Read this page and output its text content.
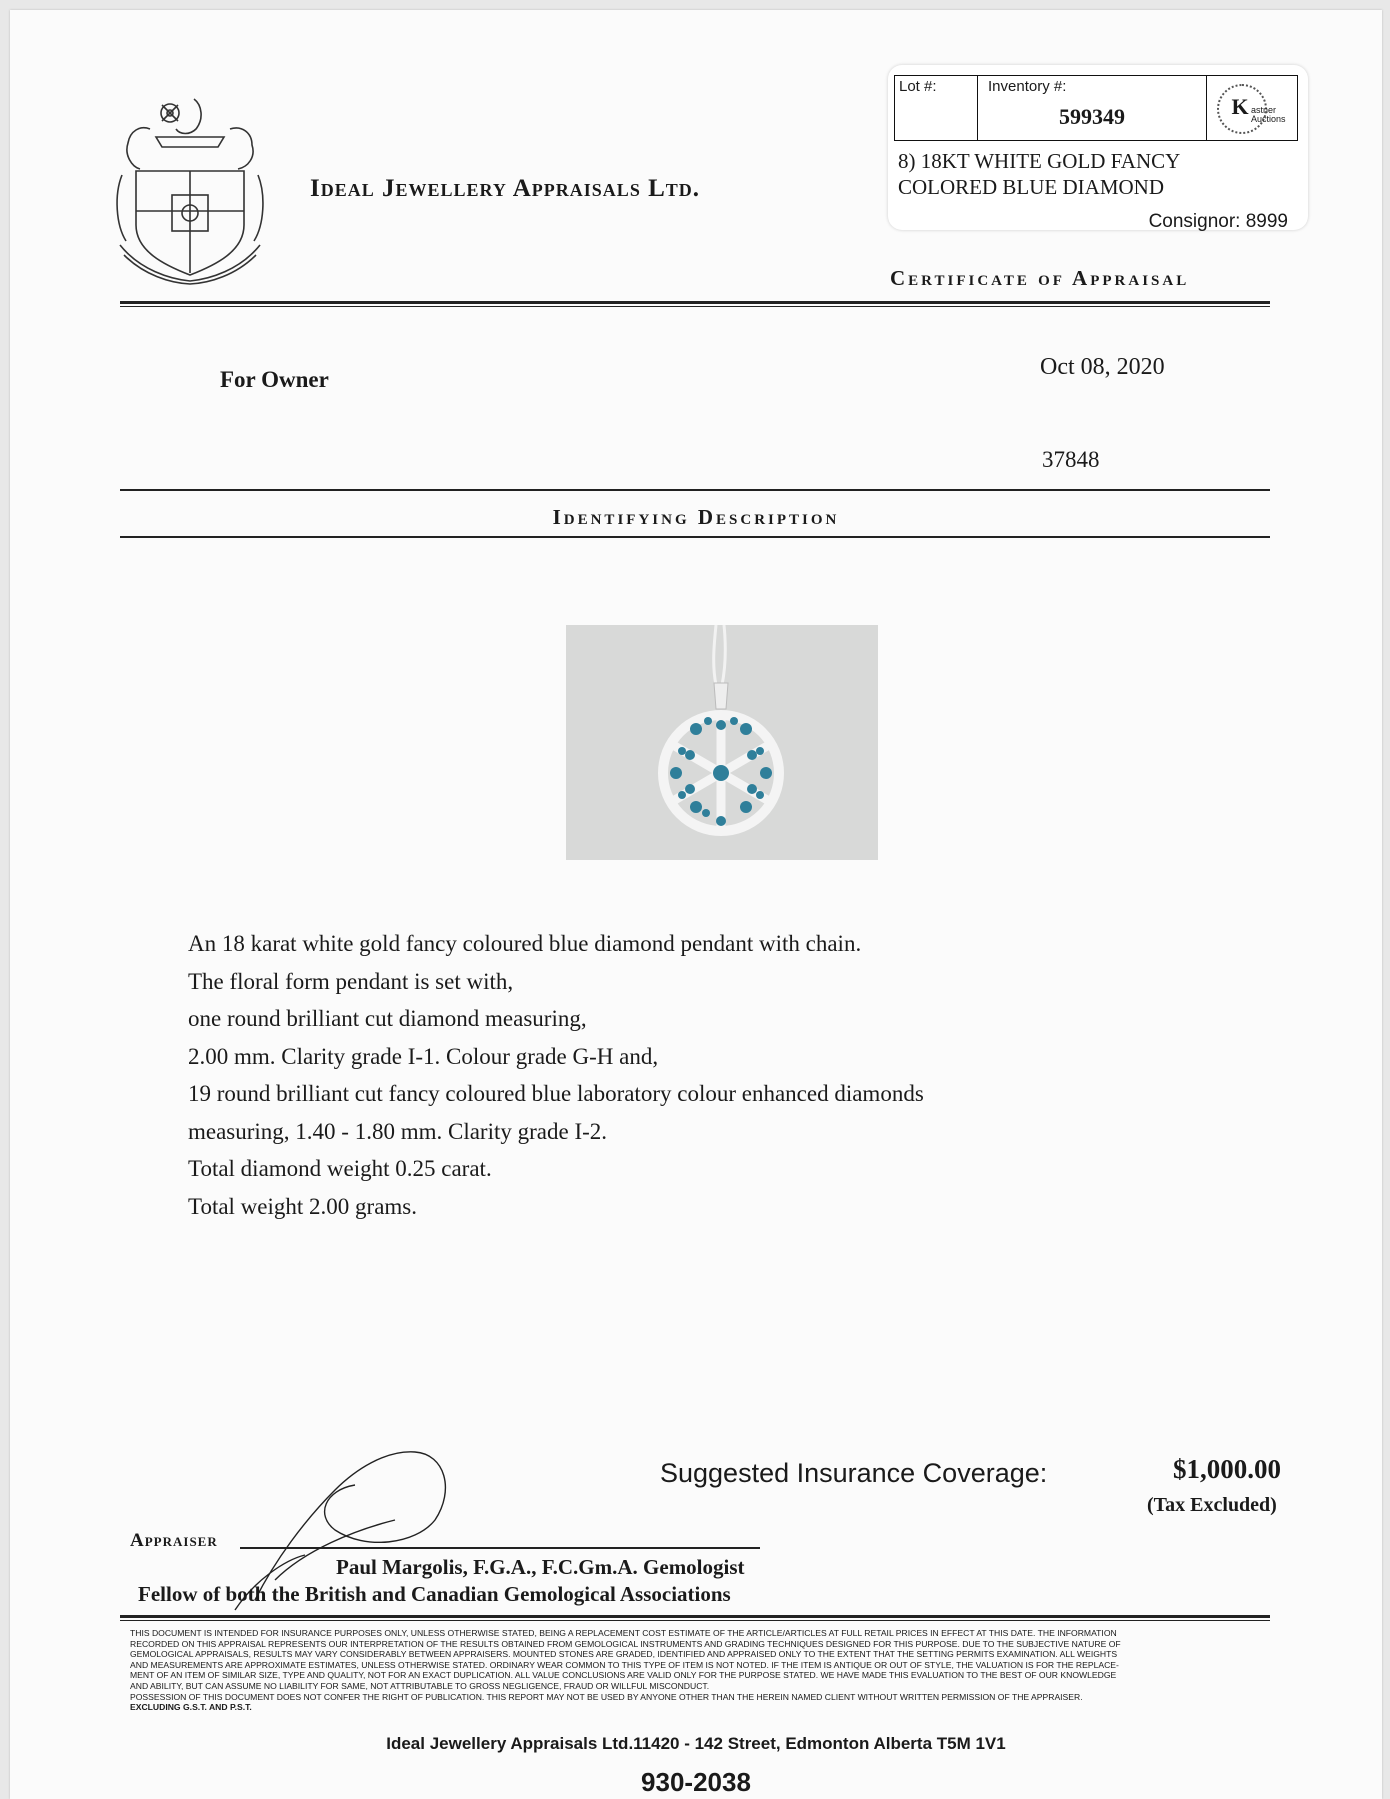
Ideal Jewellery Appraisals Ltd.
Lot #:	Inventory #:
599349	K astner
Auctions
8) 18KT WHITE GOLD FANCY
COLORED BLUE DIAMOND
Consignor: 8999
Certificate of Appraisal
For Owner	Oct 08, 2020
37848
Identifying Description
An 18 karat white gold fancy coloured blue diamond pendant with chain.
The floral form pendant is set with,
one round brilliant cut diamond measuring,
2.00 mm. Clarity grade I-1. Colour grade G-H and,
19 round brilliant cut fancy coloured blue laboratory colour enhanced diamonds
measuring, 1.40 - 1.80 mm. Clarity grade I-2.
Total diamond weight 0.25 carat.
Total weight 2.00 grams.
Suggested Insurance Coverage:	$1,000.00
(Tax Excluded)
Appraiser
Paul Margolis, F.G.A., F.C.Gm.A. Gemologist
Fellow of both the British and Canadian Gemological Associations
THIS DOCUMENT IS INTENDED FOR INSURANCE PURPOSES ONLY, UNLESS OTHERWISE STATED, BEING A REPLACEMENT COST ESTIMATE OF THE ARTICLE/ARTICLES AT FULL RETAIL PRICES IN EFFECT AT THIS DATE. THE INFORMATION
RECORDED ON THIS APPRAISAL REPRESENTS OUR INTERPRETATION OF THE RESULTS OBTAINED FROM GEMOLOGICAL INSTRUMENTS AND GRADING TECHNIQUES DESIGNED FOR THIS PURPOSE. DUE TO THE SUBJECTIVE NATURE OF
GEMOLOGICAL APPRAISALS, RESULTS MAY VARY CONSIDERABLY BETWEEN APPRAISERS. MOUNTED STONES ARE GRADED, IDENTIFIED AND APPRAISED ONLY TO THE EXTENT THAT THE SETTING PERMITS EXAMINATION. ALL WEIGHTS
AND MEASUREMENTS ARE APPROXIMATE ESTIMATES, UNLESS OTHERWISE STATED. ORDINARY WEAR COMMON TO THIS TYPE OF ITEM IS NOT NOTED. IF THE ITEM IS ANTIQUE OR OUT OF STYLE, THE VALUATION IS FOR THE REPLACE-
MENT OF AN ITEM OF SIMILAR SIZE, TYPE AND QUALITY, NOT FOR AN EXACT DUPLICATION. ALL VALUE CONCLUSIONS ARE VALID ONLY FOR THE PURPOSE STATED. WE HAVE MADE THIS EVALUATION TO THE BEST OF OUR KNOWLEDGE
AND ABILITY, BUT CAN ASSUME NO LIABILITY FOR SAME, NOT ATTRIBUTABLE TO GROSS NEGLIGENCE, FRAUD OR WILLFUL MISCONDUCT.
POSSESSION OF THIS DOCUMENT DOES NOT CONFER THE RIGHT OF PUBLICATION. THIS REPORT MAY NOT BE USED BY ANYONE OTHER THAN THE HEREIN NAMED CLIENT WITHOUT WRITTEN PERMISSION OF THE APPRAISER.
EXCLUDING G.S.T. AND P.S.T.
Ideal Jewellery Appraisals Ltd.11420 - 142 Street, Edmonton Alberta T5M 1V1
930-2038
